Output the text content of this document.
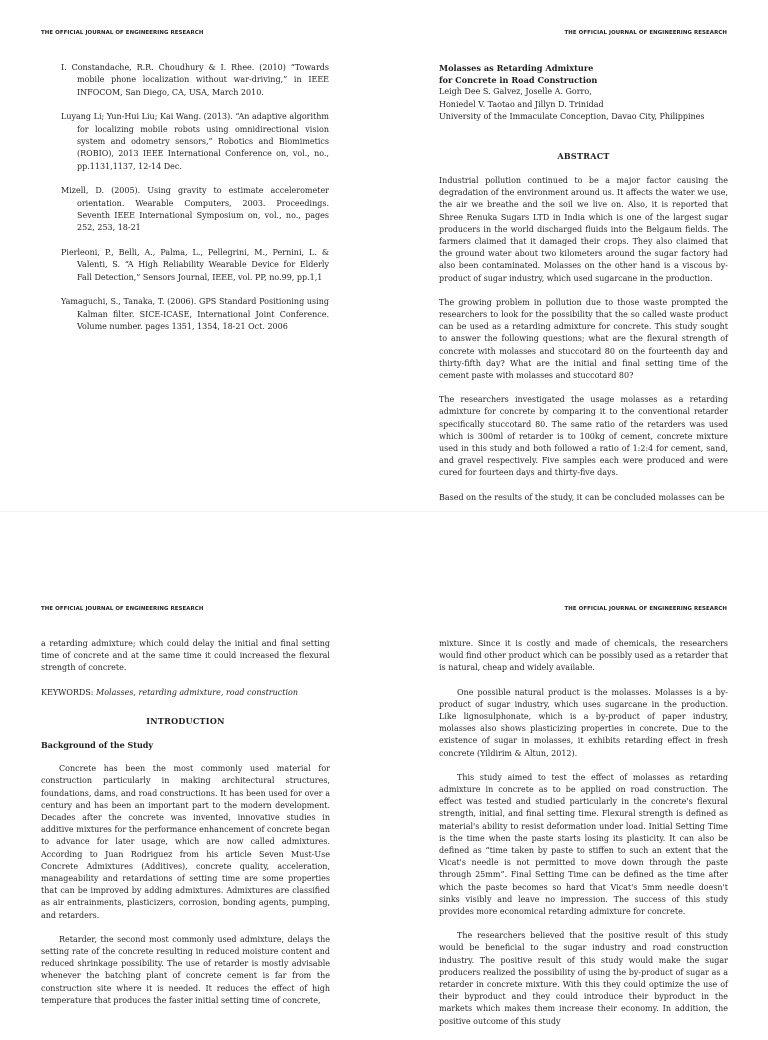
THE OFFICIAL JOURNAL OF ENGINEERING RESEARCH	THE OFFICIAL JOURNAL OF ENGINEERING RESEARCH
I. Constandache, R.R. Choudhury & I. Rhee. (2010) “Towards mobile phone localization without war-driving,” in IEEE INFOCOM, San Diego, CA, USA, March 2010.
Luyang Li; Yun-Hui Liu; Kai Wang. (2013). “An adaptive algorithm for localizing mobile robots using omnidirectional vision system and odometry sensors,” Robotics and Biomimetics (ROBIO), 2013 IEEE International Conference on, vol., no., pp.1131,1137, 12-14 Dec.
Mizell, D. (2005). Using gravity to estimate accelerometer orientation. Wearable Computers, 2003. Proceedings. Seventh IEEE International Symposium on, vol., no., pages 252, 253, 18-21
Pierleoni, P., Belli, A., Palma, L., Pellegrini, M., Pernini, L. & Valenti, S. “A High Reliability Wearable Device for Elderly Fall Detection,” Sensors Journal, IEEE, vol. PP, no.99, pp.1,1
Yamaguchi, S., Tanaka, T. (2006). GPS Standard Positioning using Kalman filter. SICE-ICASE, International Joint Conference. Volume number. pages 1351, 1354, 18-21 Oct. 2006
Molasses as Retarding Admixture
for Concrete in Road Construction
Leigh Dee S. Galvez, Joselle A. Gorro,
Honiedel V. Taotao and Jillyn D. Trinidad
University of the Immaculate Conception, Davao City, Philippines
ABSTRACT

Industrial pollution continued to be a major factor causing the degradation of the environment around us. It affects the water we use, the air we breathe and the soil we live on. Also, it is reported that Shree Renuka Sugars LTD in India which is one of the largest sugar producers in the world discharged fluids into the Belgaum fields. The farmers claimed that it damaged their crops. They also claimed that the ground water about two kilometers around the sugar factory had also been contaminated. Molasses on the other hand is a viscous by-product of sugar industry, which used sugarcane in the production.

The growing problem in pollution due to those waste prompted the researchers to look for the possibility that the so called waste product can be used as a retarding admixture for concrete. This study sought to answer the following questions; what are the flexural strength of concrete with molasses and stuccotard 80 on the fourteenth day and thirty-fifth day? What are the initial and final setting time of the cement paste with molasses and stuccotard 80?

The researchers investigated the usage molasses as a retarding admixture for concrete by comparing it to the conventional retarder specifically stuccotard 80. The same ratio of the retarders was used which is 300ml of retarder is to 100kg of cement, concrete mixture used in this study and both followed a ratio of 1:2:4 for cement, sand, and gravel respectively. Five samples each were produced and were cured for fourteen days and thirty-five days.

Based on the results of the study, it can be concluded molasses can be

THE OFFICIAL JOURNAL OF ENGINEERING RESEARCH	THE OFFICIAL JOURNAL OF ENGINEERING RESEARCH

a retarding admixture; which could delay the initial and final setting time of concrete and at the same time it could increased the flexural strength of concrete.

KEYWORDS: Molasses, retarding admixture, road construction

INTRODUCTION

Background of the Study

Concrete has been the most commonly used material for construction particularly in making architectural structures, foundations, dams, and road constructions. It has been used for over a century and has been an important part to the modern development. Decades after the concrete was invented, innovative studies in additive mixtures for the performance enhancement of concrete began to advance for later usage, which are now called admixtures. According to Juan Rodriguez from his article Seven Must-Use Concrete Admixtures (Additives), concrete quality, acceleration, manageability and retardations of setting time are some properties that can be improved by adding admixtures. Admixtures are classified as air entrainments, plasticizers, corrosion, bonding agents, pumping, and retarders.

Retarder, the second most commonly used admixture, delays the setting rate of the concrete resulting in reduced moisture content and reduced shrinkage possibility. The use of retarder is mostly advisable whenever the batching plant of concrete cement is far from the construction site where it is needed. It reduces the effect of high temperature that produces the faster initial setting time of concrete,

mixture. Since it is costly and made of chemicals, the researchers would find other product which can be possibly used as a retarder that is natural, cheap and widely available.

One possible natural product is the molasses. Molasses is a by-product of sugar industry, which uses sugarcane in the production. Like lignosulphonate, which is a by-product of paper industry, molasses also shows plasticizing properties in concrete. Due to the existence of sugar in molasses, it exhibits retarding effect in fresh concrete (Yildirim & Altun, 2012).

This study aimed to test the effect of molasses as retarding admixture in concrete as to be applied on road construction. The effect was tested and studied particularly in the concrete's flexural strength, initial, and final setting time. Flexural strength is defined as material's ability to resist deformation under load. Initial Setting Time is the time when the paste starts losing its plasticity. It can also be defined as “time taken by paste to stiffen to such an extent that the Vicat's needle is not permitted to move down through the paste through 25mm”. Final Setting Time can be defined as the time after which the paste becomes so hard that Vicat's 5mm needle doesn't sinks visibly and leave no impression. The success of this study provides more economical retarding admixture for concrete.

The researchers believed that the positive result of this study would be beneficial to the sugar industry and road construction industry. The positive result of this study would make the sugar producers realized the possibility of using the by-product of sugar as a retarder in concrete mixture. With this they could optimize the use of their byproduct and they could introduce their byproduct in the markets which makes them increase their economy. In addition, the positive outcome of this study
